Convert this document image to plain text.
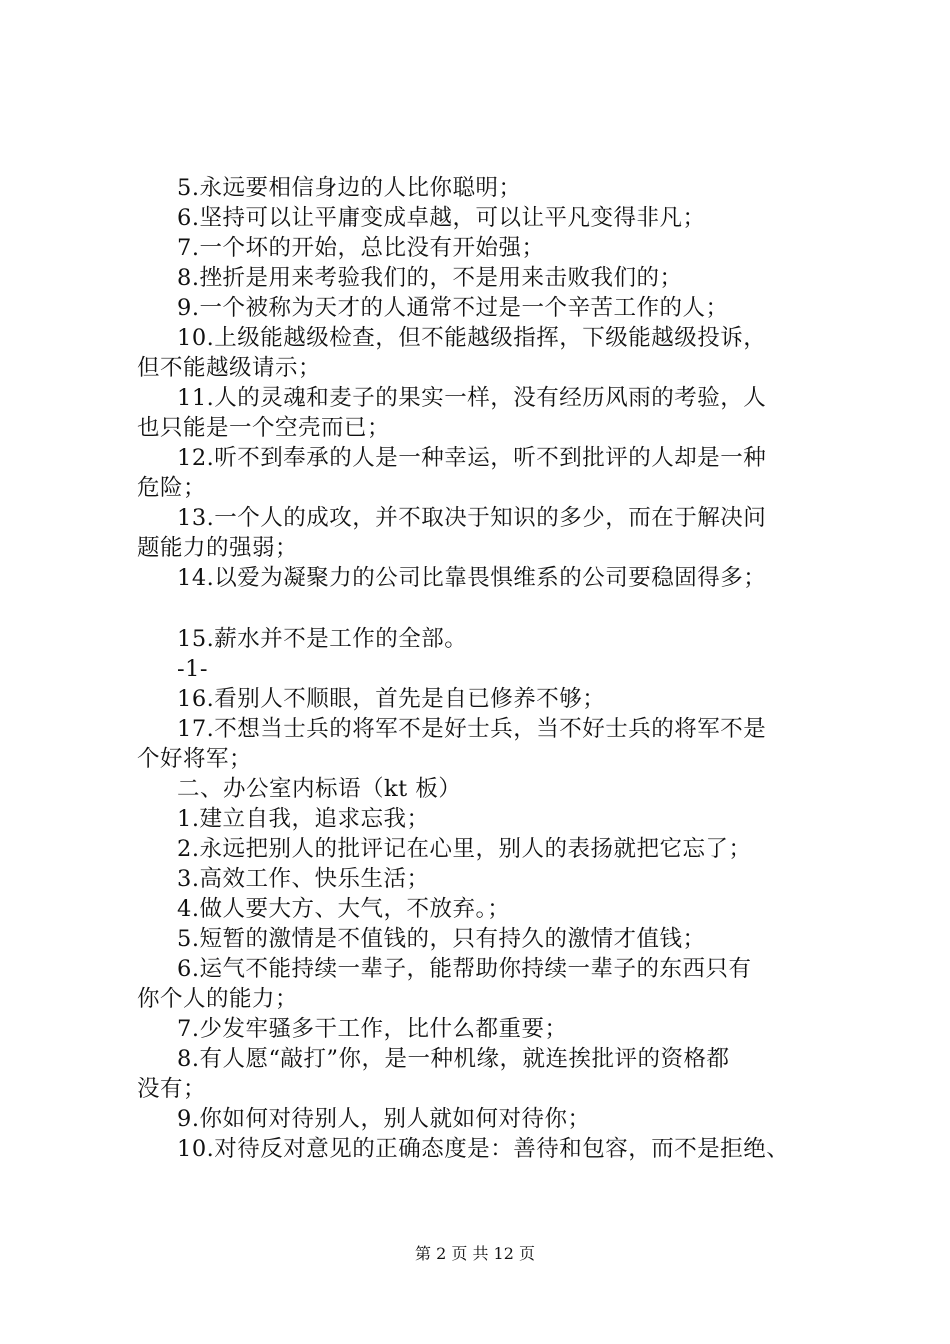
5.永远要相信身边的人比你聪明；
6.坚持可以让平庸变成卓越，可以让平凡变得非凡；
7.一个坏的开始，总比没有开始强；
8.挫折是用来考验我们的，不是用来击败我们的；
9.一个被称为天才的人通常不过是一个辛苦工作的人；
10.上级能越级检查，但不能越级指挥，下级能越级投诉，
但不能越级请示；
11.人的灵魂和麦子的果实一样，没有经历风雨的考验，人
也只能是一个空壳而已；
12.听不到奉承的人是一种幸运，听不到批评的人却是一种
危险；
13.一个人的成攻，并不取决于知识的多少，而在于解决问
题能力的强弱；
14.以爱为凝聚力的公司比靠畏惧维系的公司要稳固得多；
15.薪水并不是工作的全部。
-1-
16.看别人不顺眼，首先是自已修养不够；
17.不想当士兵的将军不是好士兵，当不好士兵的将军不是
个好将军；
二、办公室内标语（kt 板）
1.建立自我，追求忘我；
2.永远把别人的批评记在心里，别人的表扬就把它忘了；
3.高效工作、快乐生活；
4.做人要大方、大气，不放弃。；
5.短暂的激情是不值钱的，只有持久的激情才值钱；
6.运气不能持续一辈子，能帮助你持续一辈子的东西只有
你个人的能力；
7.少发牢骚多干工作，比什么都重要；
8.有人愿“敲打”你，是一种机缘，就连挨批评的资格都
没有；
9.你如何对待别人，别人就如何对待你；
10.对待反对意见的正确态度是：善待和包容，而不是拒绝、
第 2 页 共 12 页
